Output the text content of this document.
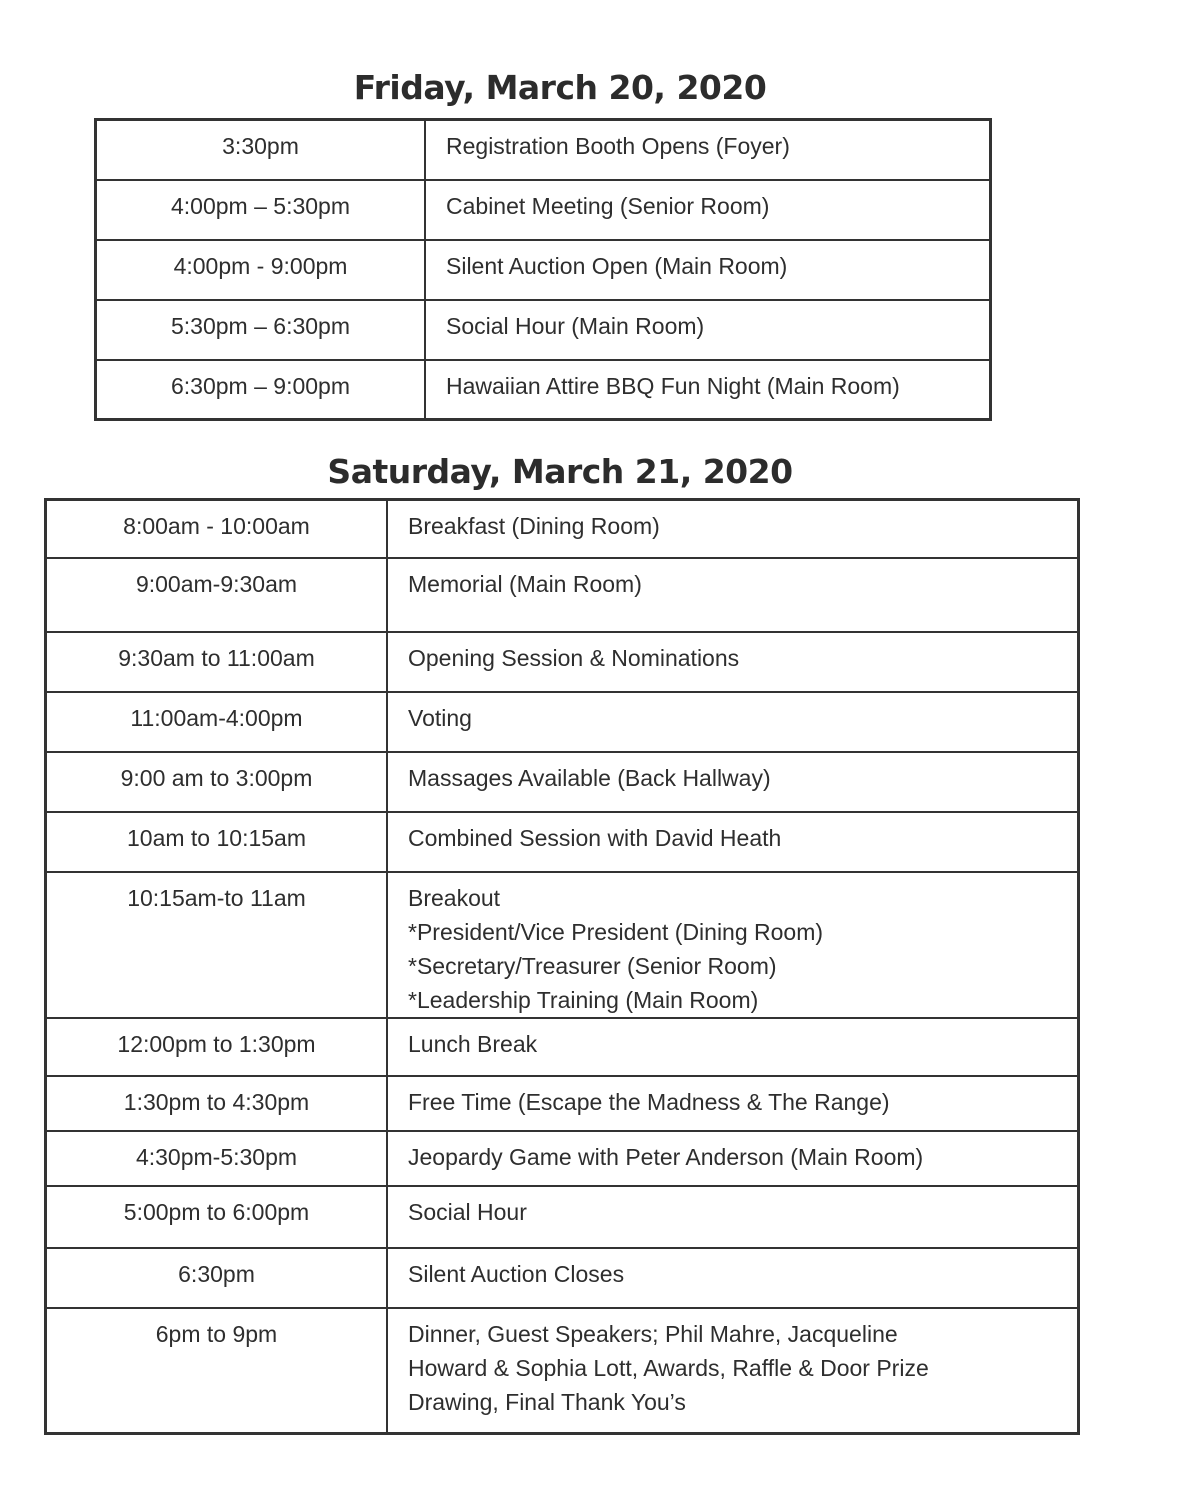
Friday, March 20, 2020
3:30pm	Registration Booth Opens (Foyer)

4:00pm – 5:30pm	Cabinet Meeting (Senior Room)

4:00pm - 9:00pm	Silent Auction Open (Main Room)

5:30pm – 6:30pm	Social Hour (Main Room)

6:30pm – 9:00pm	Hawaiian Attire BBQ Fun Night (Main Room)
Saturday, March 21, 2020
8:00am - 10:00am	Breakfast (Dining Room)

9:00am-9:30am	Memorial (Main Room)

9:30am to 11:00am	Opening Session & Nominations

11:00am-4:00pm	Voting

9:00 am to 3:00pm	Massages Available (Back Hallway)

10am to 10:15am	Combined Session with David Heath

10:15am-to 11am	Breakout
*President/Vice President (Dining Room)
*Secretary/Treasurer (Senior Room)
*Leadership Training (Main Room)

12:00pm to 1:30pm	Lunch Break

1:30pm to 4:30pm	Free Time (Escape the Madness & The Range)

4:30pm-5:30pm	Jeopardy Game with Peter Anderson (Main Room)

5:00pm to 6:00pm	Social Hour

6:30pm	Silent Auction Closes

6pm to 9pm	Dinner, Guest Speakers; Phil Mahre, Jacqueline
Howard & Sophia Lott, Awards, Raffle & Door Prize
Drawing, Final Thank You’s
